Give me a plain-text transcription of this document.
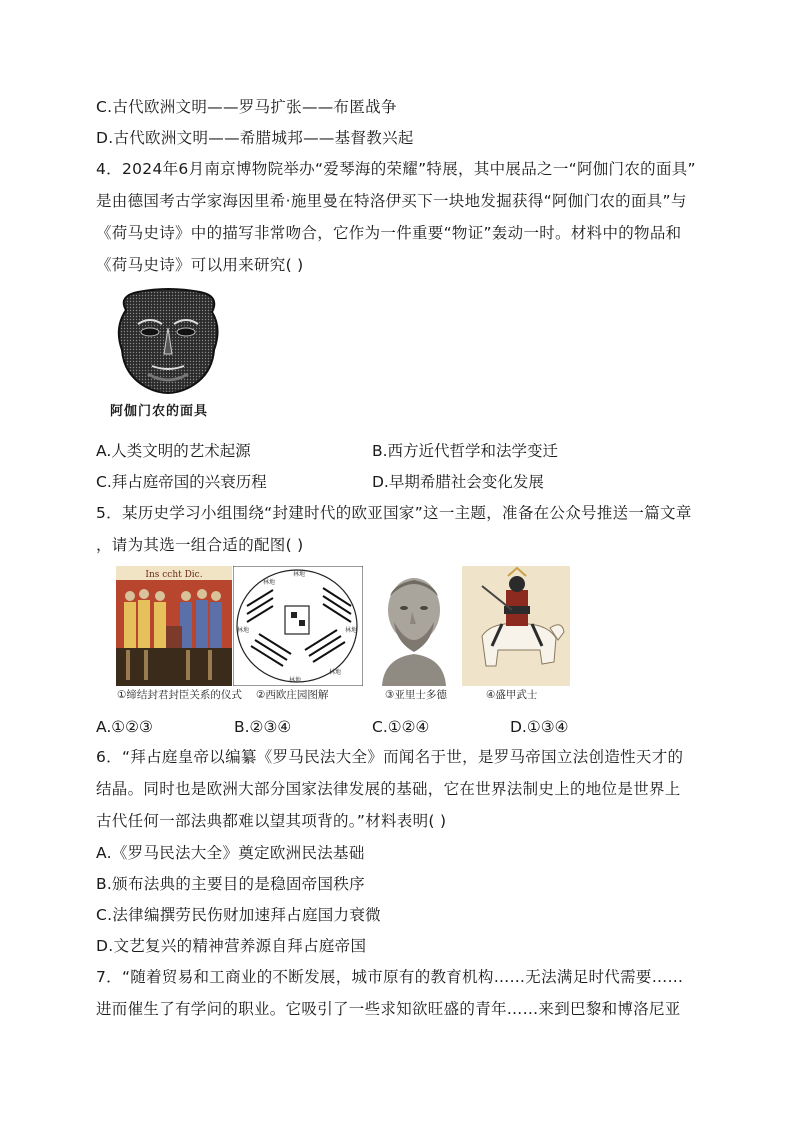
C.古代欧洲文明——罗马扩张——布匿战争
D.古代欧洲文明——希腊城邦——基督教兴起
4．2024年6月南京博物院举办“爱琴海的荣耀”特展，其中展品之一“阿伽门农的面具”
是由德国考古学家海因里希·施里曼在特洛伊买下一块地发掘获得“阿伽门农的面具”与
《荷马史诗》中的描写非常吻合，它作为一件重要“物证”轰动一时。材料中的物品和
《荷马史诗》可以用来研究( )
阿伽门农的面具
A.人类文明的艺术起源	B.西方近代哲学和法学变迁
C.拜占庭帝国的兴衰历程	D.早期希腊社会变化发展
5．某历史学习小组围绕“封建时代的欧亚国家”这一主题，准备在公众号推送一篇文章
，请为其选一组合适的配图( )
Ins ccht Dic.	林地
林地	林地
林地
林地
林地
①缔结封君封臣关系的仪式 ②西欧庄园图解	③亚里士多德	④盛甲武士
A.①②③	B.②③④	C.①②④	D.①③④
6．“拜占庭皇帝以编纂《罗马民法大全》而闻名于世，是罗马帝国立法创造性天才的
结晶。同时也是欧洲大部分国家法律发展的基础，它在世界法制史上的地位是世界上
古代任何一部法典都难以望其项背的。”材料表明( )
A.《罗马民法大全》奠定欧洲民法基础
B.颁布法典的主要目的是稳固帝国秩序
C.法律编撰劳民伤财加速拜占庭国力衰微
D.文艺复兴的精神营养源自拜占庭帝国
7．“随着贸易和工商业的不断发展，城市原有的教育机构……无法满足时代需要……
进而催生了有学问的职业。它吸引了一些求知欲旺盛的青年……来到巴黎和博洛尼亚
